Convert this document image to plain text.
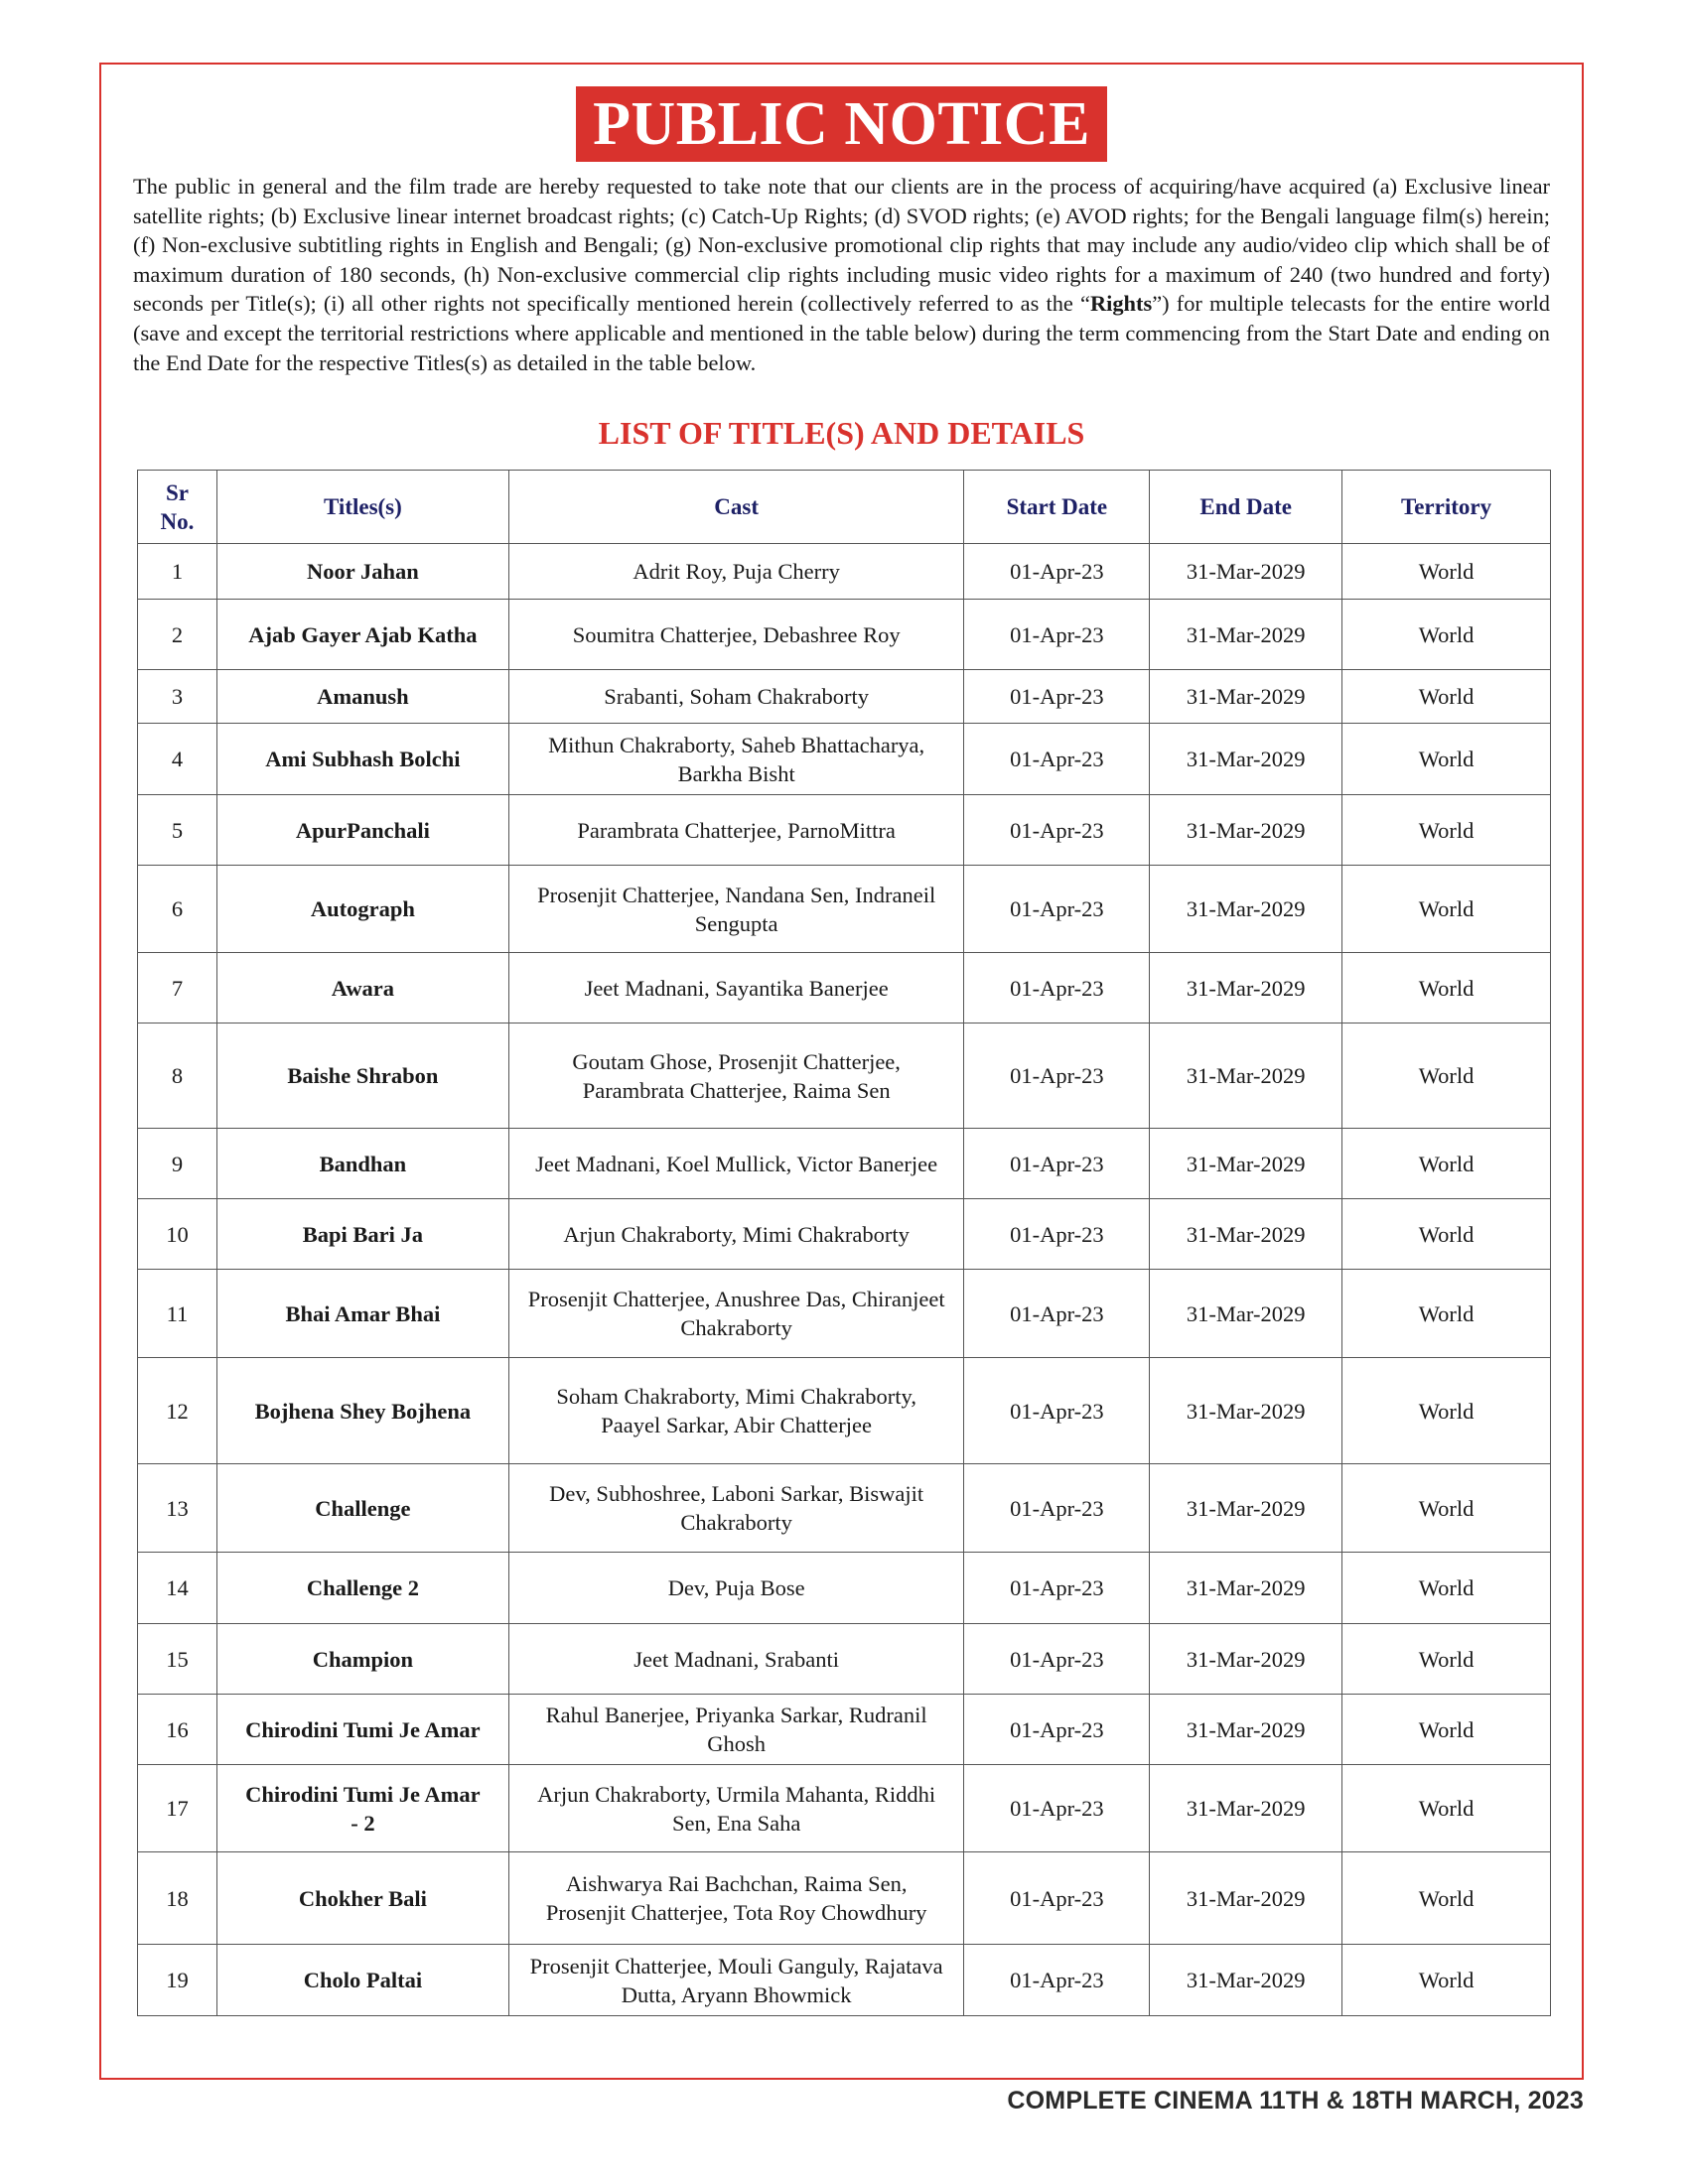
PUBLIC NOTICE

The public in general and the film trade are hereby requested to take note that our clients are in the process of acquiring/have acquired (a) Exclusive linear satellite rights; (b) Exclusive linear internet broadcast rights; (c) Catch-Up Rights; (d) SVOD rights; (e) AVOD rights; for the Bengali language film(s) herein; (f) Non-exclusive subtitling rights in English and Bengali; (g) Non-exclusive promotional clip rights that may include any audio/video clip which shall be of maximum duration of 180 seconds, (h) Non-exclusive commercial clip rights including music video rights for a maximum of 240 (two hundred and forty) seconds per Title(s); (i) all other rights not specifically mentioned herein (collectively referred to as the “Rights”) for multiple telecasts for the entire world (save and except the territorial restrictions where applicable and mentioned in the table below) during the term commencing from the Start Date and ending on the End Date for the respective Titles(s) as detailed in the table below.

LIST OF TITLE(S) AND DETAILS
Sr No.	Titles(s)	Cast	Start Date	End Date	Territory
1	Noor Jahan	Adrit Roy, Puja Cherry	01-Apr-23	31-Mar-2029	World
2	Ajab Gayer Ajab Katha	Soumitra Chatterjee, Debashree Roy	01-Apr-23	31-Mar-2029	World
3	Amanush	Srabanti, Soham Chakraborty	01-Apr-23	31-Mar-2029	World
4	Ami Subhash Bolchi	Mithun Chakraborty, Saheb Bhattacharya, Barkha Bisht	01-Apr-23	31-Mar-2029	World
5	ApurPanchali	Parambrata Chatterjee, ParnoMittra	01-Apr-23	31-Mar-2029	World
6	Autograph	Prosenjit Chatterjee, Nandana Sen, Indraneil Sengupta	01-Apr-23	31-Mar-2029	World
7	Awara	Jeet Madnani, Sayantika Banerjee	01-Apr-23	31-Mar-2029	World
8	Baishe Shrabon	Goutam Ghose, Prosenjit Chatterjee, Parambrata Chatterjee, Raima Sen	01-Apr-23	31-Mar-2029	World
9	Bandhan	Jeet Madnani, Koel Mullick, Victor Banerjee	01-Apr-23	31-Mar-2029	World
10	Bapi Bari Ja	Arjun Chakraborty, Mimi Chakraborty	01-Apr-23	31-Mar-2029	World
11	Bhai Amar Bhai	Prosenjit Chatterjee, Anushree Das, Chiranjeet Chakraborty	01-Apr-23	31-Mar-2029	World
12	Bojhena Shey Bojhena	Soham Chakraborty, Mimi Chakraborty, Paayel Sarkar, Abir Chatterjee	01-Apr-23	31-Mar-2029	World
13	Challenge	Dev, Subhoshree, Laboni Sarkar, Biswajit Chakraborty	01-Apr-23	31-Mar-2029	World
14	Challenge 2	Dev, Puja Bose	01-Apr-23	31-Mar-2029	World
15	Champion	Jeet Madnani, Srabanti	01-Apr-23	31-Mar-2029	World
16	Chirodini Tumi Je Amar	Rahul Banerjee, Priyanka Sarkar, Rudranil Ghosh	01-Apr-23	31-Mar-2029	World
17	Chirodini Tumi Je Amar - 2	Arjun Chakraborty, Urmila Mahanta, Riddhi Sen, Ena Saha	01-Apr-23	31-Mar-2029	World
18	Chokher Bali	Aishwarya Rai Bachchan, Raima Sen, Prosenjit Chatterjee, Tota Roy Chowdhury	01-Apr-23	31-Mar-2029	World
19	Cholo Paltai	Prosenjit Chatterjee, Mouli Ganguly, Rajatava Dutta, Aryann Bhowmick	01-Apr-23	31-Mar-2029	World
COMPLETE CINEMA 11TH & 18TH MARCH, 2023
